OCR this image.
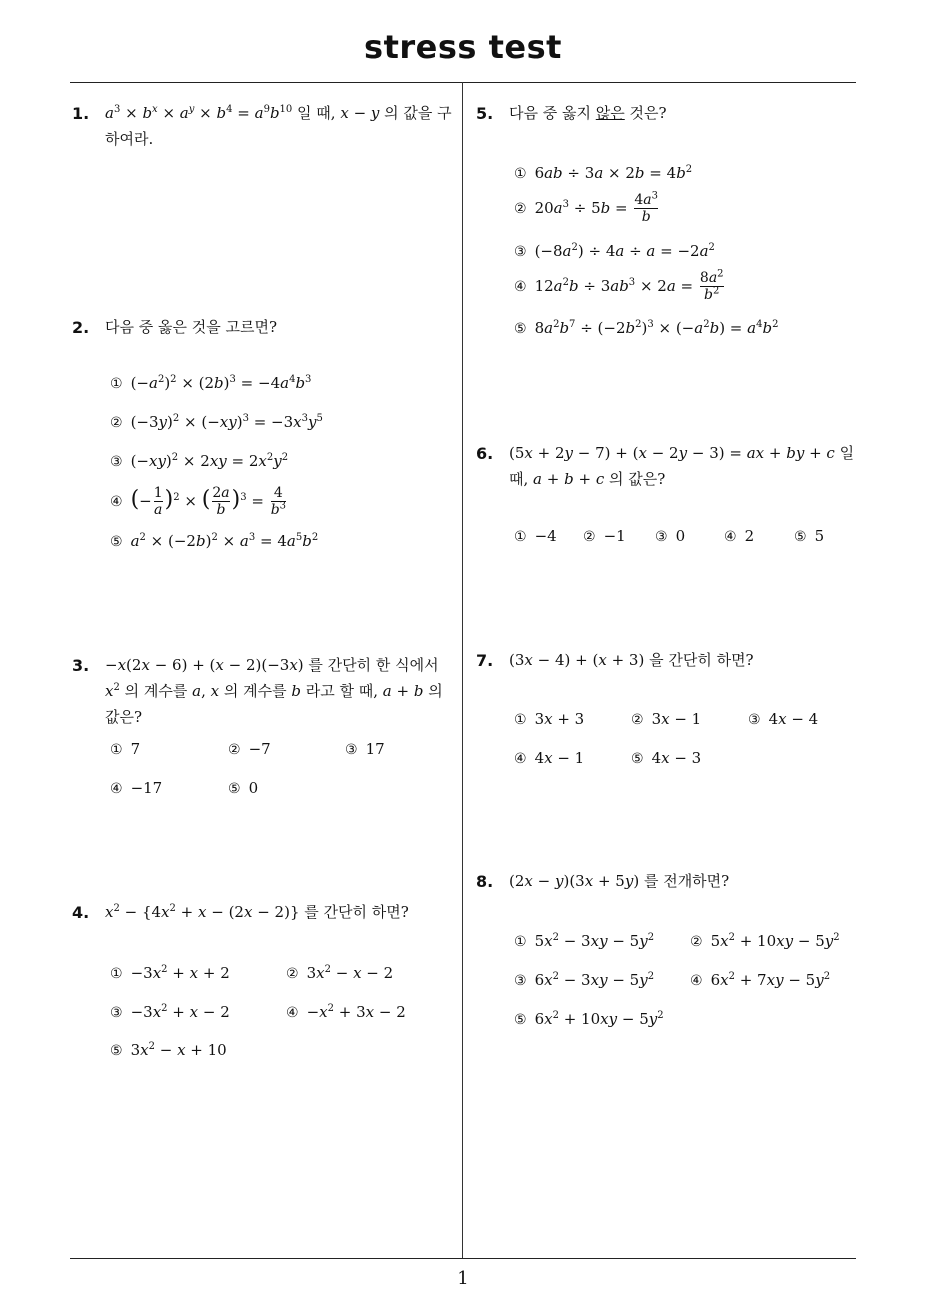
stress test
1
1. $a^3 \times b^x \times a^y \times b^4 = a^9b^{10}$ 일 때, x − y 의 값을 구하여라.
2. 다음 중 옳은 것을 고르면?
① $(-a^2)^2 \times (2b)^3 = -4a^4b^3$
② $(-3y)^2 \times (-xy)^3 = -3x^3y^5$
③ $(-xy)^2 \times 2xy = 2x^2y^2$
④ (− $\frac{1}{a} )^2$ × ( $\frac{2a}{b} )^3 = \frac{4}{b^3}$
⑤ $a^2 \times (-2b)^2 \times a^3 = 4a^5b^2$
3. −x(2x − 6) + (x − 2)(−3x) 를 간단히 한 식에서 $x^2$ 의 계수를 a, x 의 계수를 b 라고 할 때, a + b 의 값은?
① 7	② −7	③ 17
④ −17	⑤ 0
4. $x^2 - \{4x^2 + x - (2x - 2)\}$ 를 간단히 하면?
① $-3x^2 + x + 2$	② $3x^2 - x - 2$
③ $-3x^2 + x - 2$	④ $-x^2 + 3x - 2$
⑤ $3x^2 - x + 10$
5. 다음 중 옳지 않은 것은?
① $6ab \div 3a \times 2b = 4b^2$
② $20a^3 \div 5b = \frac{4a^3}{b}$
③ $(-8a^2) \div 4a \div a = -2a^2$
④ $12a^2b \div 3ab^3 \times 2a = \frac{8a^2}{b^2}$
⑤ $8a^2b^7 \div (-2b^2)^3 \times (-a^2b) = a^4b^2$
6. (5x + 2y − 7) + (x − 2y − 3) = ax + by + c 일 때, a + b + c 의 값은?
① −4 ② −1 ③ 0	④ 2	⑤ 5
7. (3x − 4) + (x + 3) 을 간단히 하면?
① 3x + 3	② 3x − 1	③ 4x − 4
④ 4x − 1	⑤ 4x − 3
8. (2x − y)(3x + 5y) 를 전개하면?
① $5x^2 - 3xy - 5y^2$	② $5x^2 + 10xy - 5y^2$
③ $6x^2 - 3xy - 5y^2$	④ $6x^2 + 7xy - 5y^2$
⑤ $6x^2 + 10xy - 5y^2$
